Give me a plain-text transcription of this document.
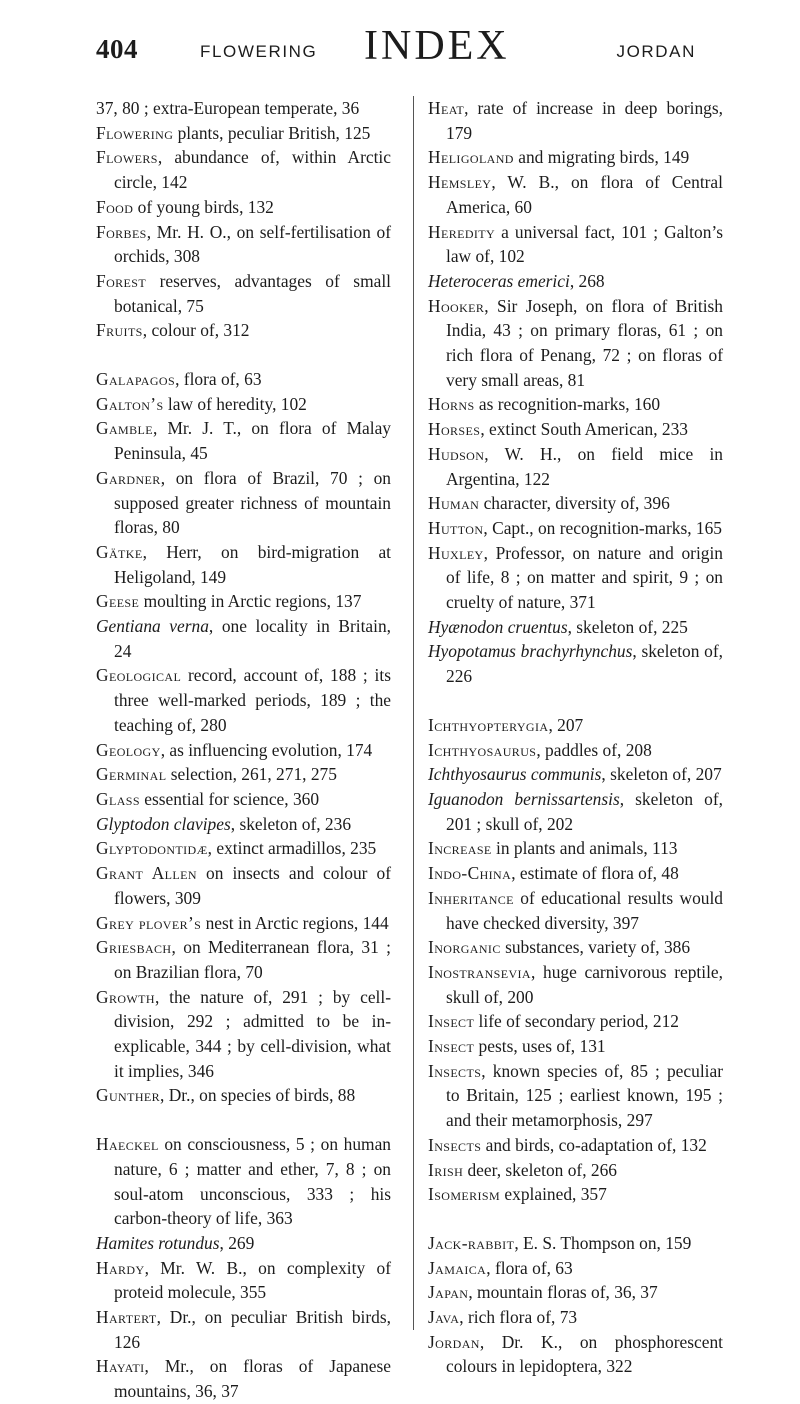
404	FLOWERING INDEX	JORDAN

37, 80 ; extra-European temperate, 36

Flowering plants, peculiar British, 125

Flowers, abundance of, within Arctic circle, 142

Food of young birds, 132

Forbes, Mr. H. O., on self-fertilisation of orchids, 308

Forest reserves, advantages of small botanical, 75

Fruits, colour of, 312

Galapagos, flora of, 63

Galton’s law of heredity, 102

Gamble, Mr. J. T., on flora of Malay Peninsula, 45

Gardner, on flora of Brazil, 70 ; on supposed greater richness of mountain floras, 80

Gätke, Herr, on bird-migration at Heligoland, 149

Geese moulting in Arctic regions, 137

Gentiana verna, one locality in Britain, 24

Geological record, account of, 188 ; its three well-marked periods, 189 ; the teaching of, 280

Geology, as influencing evolution, 174

Germinal selection, 261, 271, 275

Glass essential for science, 360

Glyptodon clavipes, skeleton of, 236

Glyptodontidæ, extinct armadillos, 235

Grant Allen on insects and colour of flowers, 309

Grey plover’s nest in Arctic regions, 144

Griesbach, on Mediterranean flora, 31 ; on Brazilian flora, 70

Growth, the nature of, 291 ; by cell-division, 292 ; admitted to be inexplicable, 344 ; by cell-division, what it implies, 346

Gunther, Dr., on species of birds, 88

Haeckel on consciousness, 5 ; on human nature, 6 ; matter and ether, 7, 8 ; on soul-atom unconscious, 333 ; his carbon-theory of life, 363

Hamites rotundus, 269

Hardy, Mr. W. B., on complexity of proteid molecule, 355

Hartert, Dr., on peculiar British birds, 126

Hayati, Mr., on floras of Japanese mountains, 36, 37

Heat, rate of increase in deep borings, 179

Heligoland and migrating birds, 149

Hemsley, W. B., on flora of Central America, 60

Heredity a universal fact, 101 ; Galton’s law of, 102

Heteroceras emerici, 268

Hooker, Sir Joseph, on flora of British India, 43 ; on primary floras, 61 ; on rich flora of Penang, 72 ; on floras of very small areas, 81

Horns as recognition-marks, 160

Horses, extinct South American, 233

Hudson, W. H., on field mice in Argentina, 122

Human character, diversity of, 396

Hutton, Capt., on recognition-marks, 165

Huxley, Professor, on nature and origin of life, 8 ; on matter and spirit, 9 ; on cruelty of nature, 371

Hyænodon cruentus, skeleton of, 225

Hyopotamus brachyrhynchus, skeleton of, 226

Ichthyopterygia, 207

Ichthyosaurus, paddles of, 208

Ichthyosaurus communis, skeleton of, 207

Iguanodon bernissartensis, skeleton of, 201 ; skull of, 202

Increase in plants and animals, 113

Indo-China, estimate of flora of, 48

Inheritance of educational results would have checked diversity, 397

Inorganic substances, variety of, 386

Inostransevia, huge carnivorous reptile, skull of, 200

Insect life of secondary period, 212

Insect pests, uses of, 131

Insects, known species of, 85 ; peculiar to Britain, 125 ; earliest known, 195 ; and their metamorphosis, 297

Insects and birds, co-adaptation of, 132

Irish deer, skeleton of, 266

Isomerism explained, 357

Jack-rabbit, E. S. Thompson on, 159

Jamaica, flora of, 63

Japan, mountain floras of, 36, 37

Java, rich flora of, 73

Jordan, Dr. K., on phosphorescent colours in lepidoptera, 322
